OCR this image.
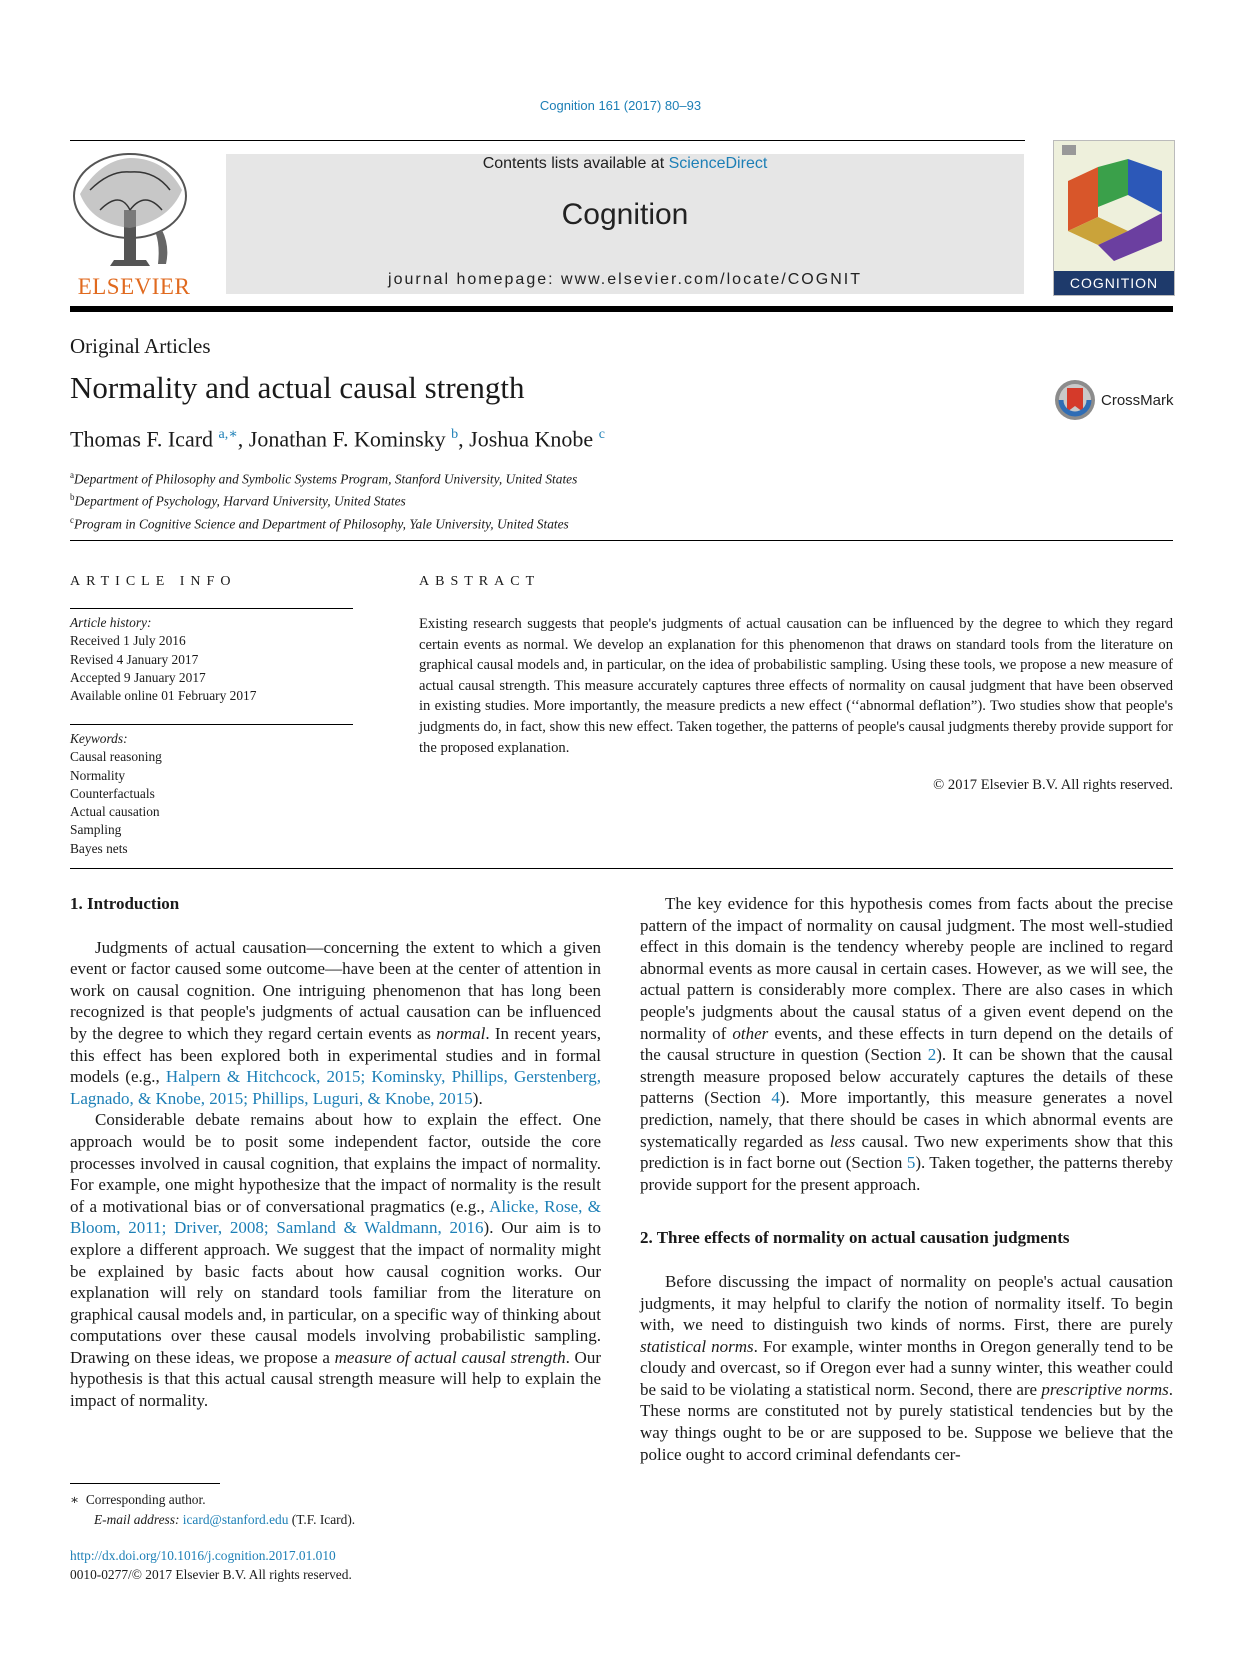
Cognition 161 (2017) 80–93
ELSEVIER
Contents lists available at ScienceDirect
Cognition
journal homepage: www.elsevier.com/locate/COGNIT	COGNITION
Original Articles
Normality and actual causal strength	CrossMark
Thomas F. Icard $^{a,∗}$, Jonathan F. Kominsky $^b$, Joshua Knobe $^c$
$^a$Department of Philosophy and Symbolic Systems Program, Stanford University, United States
$^b$Department of Psychology, Harvard University, United States
$^c$Program in Cognitive Science and Department of Philosophy, Yale University, United States
ARTICLE INFO	ABSTRACT
Article history:
Received 1 July 2016
Revised 4 January 2017
Accepted 9 January 2017
Available online 01 February 2017
Keywords:
Causal reasoning
Normality
Counterfactuals
Actual causation
Sampling
Bayes nets
Existing research suggests that people's judgments of actual causation can be influenced by the degree to which they regard certain events as normal. We develop an explanation for this phenomenon that draws on standard tools from the literature on graphical causal models and, in particular, on the idea of probabilistic sampling. Using these tools, we propose a new measure of actual causal strength. This measure accurately captures three effects of normality on causal judgment that have been observed in existing studies. More importantly, the measure predicts a new effect (‘‘abnormal deflation”). Two studies show that people's judgments do, in fact, show this new effect. Taken together, the patterns of people's causal judgments thereby provide support for the proposed explanation.
© 2017 Elsevier B.V. All rights reserved.
1. Introduction

Judgments of actual causation—concerning the extent to which a given event or factor caused some outcome—have been at the center of attention in work on causal cognition. One intriguing phenomenon that has long been recognized is that people's judgments of actual causation can be influenced by the degree to which they regard certain events as normal. In recent years, this effect has been explored both in experimental studies and in formal models (e.g., Halpern & Hitchcock, 2015; Kominsky, Phillips, Gerstenberg, Lagnado, & Knobe, 2015; Phillips, Luguri, & Knobe, 2015).

Considerable debate remains about how to explain the effect. One approach would be to posit some independent factor, outside the core processes involved in causal cognition, that explains the impact of normality. For example, one might hypothesize that the impact of normality is the result of a motivational bias or of conversational pragmatics (e.g., Alicke, Rose, & Bloom, 2011; Driver, 2008; Samland & Waldmann, 2016). Our aim is to explore a different approach. We suggest that the impact of normality might be explained by basic facts about how causal cognition works. Our explanation will rely on standard tools familiar from the literature on graphical causal models and, in particular, on a specific way of thinking about computations over these causal models involving probabilistic sampling. Drawing on these ideas, we propose a measure of actual causal strength. Our hypothesis is that this actual causal strength measure will help to explain the impact of normality.

The key evidence for this hypothesis comes from facts about the precise pattern of the impact of normality on causal judgment. The most well-studied effect in this domain is the tendency whereby people are inclined to regard abnormal events as more causal in certain cases. However, as we will see, the actual pattern is considerably more complex. There are also cases in which people's judgments about the causal status of a given event depend on the normality of other events, and these effects in turn depend on the details of the causal structure in question (Section 2). It can be shown that the causal strength measure proposed below accurately captures the details of these patterns (Section 4). More importantly, this measure generates a novel prediction, namely, that there should be cases in which abnormal events are systematically regarded as less causal. Two new experiments show that this prediction is in fact borne out (Section 5). Taken together, the patterns thereby provide support for the present approach.

2. Three effects of normality on actual causation judgments

Before discussing the impact of normality on people's actual causation judgments, it may helpful to clarify the notion of normality itself. To begin with, we need to distinguish two kinds of norms. First, there are purely statistical norms. For example, winter months in Oregon generally tend to be cloudy and overcast, so if Oregon ever had a sunny winter, this weather could be said to be violating a statistical norm. Second, there are prescriptive norms. These norms are constituted not by purely statistical tendencies but by the way things ought to be or are supposed to be. Suppose we believe that the police ought to accord criminal defendants cer-

∗ Corresponding author.
E-mail address: icard@stanford.edu (T.F. Icard).
http://dx.doi.org/10.1016/j.cognition.2017.01.010
0010-0277/© 2017 Elsevier B.V. All rights reserved.
